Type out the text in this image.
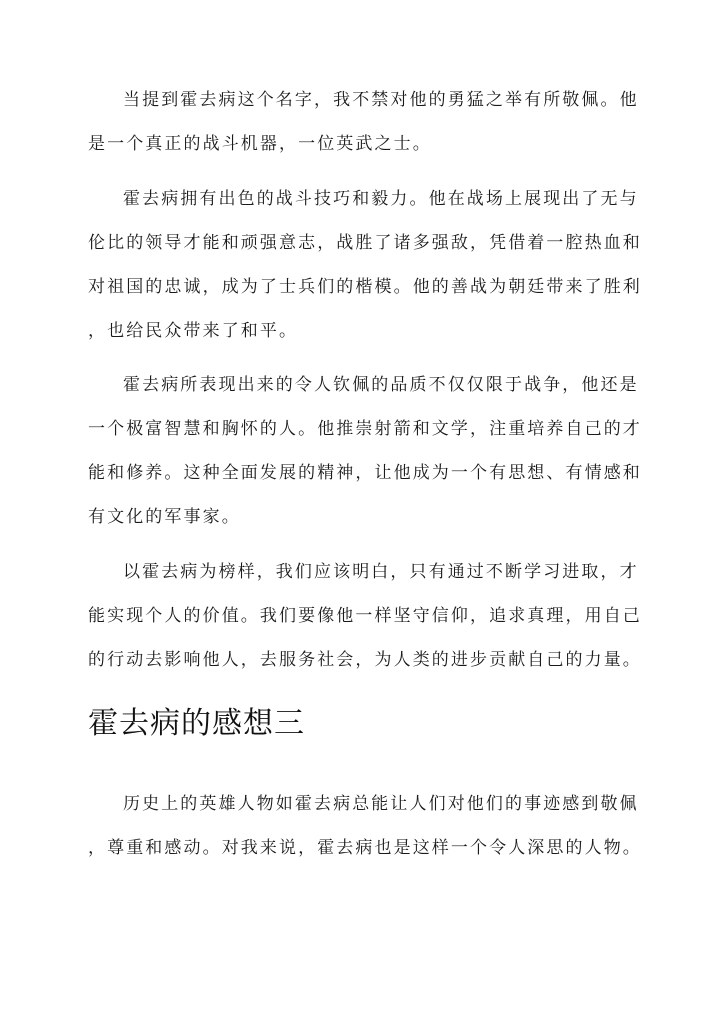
当提到霍去病这个名字，我不禁对他的勇猛之举有所敬佩。他
是一个真正的战斗机器，一位英武之士。
霍去病拥有出色的战斗技巧和毅力。他在战场上展现出了无与
伦比的领导才能和顽强意志，战胜了诸多强敌，凭借着一腔热血和
对祖国的忠诚，成为了士兵们的楷模。他的善战为朝廷带来了胜利
，也给民众带来了和平。
霍去病所表现出来的令人钦佩的品质不仅仅限于战争，他还是
一个极富智慧和胸怀的人。他推崇射箭和文学，注重培养自己的才
能和修养。这种全面发展的精神，让他成为一个有思想、有情感和
有文化的军事家。
以霍去病为榜样，我们应该明白，只有通过不断学习进取，才
能实现个人的价值。我们要像他一样坚守信仰，追求真理，用自己
的行动去影响他人，去服务社会，为人类的进步贡献自己的力量。
霍去病的感想三
历史上的英雄人物如霍去病总能让人们对他们的事迹感到敬佩
，尊重和感动。对我来说，霍去病也是这样一个令人深思的人物。
